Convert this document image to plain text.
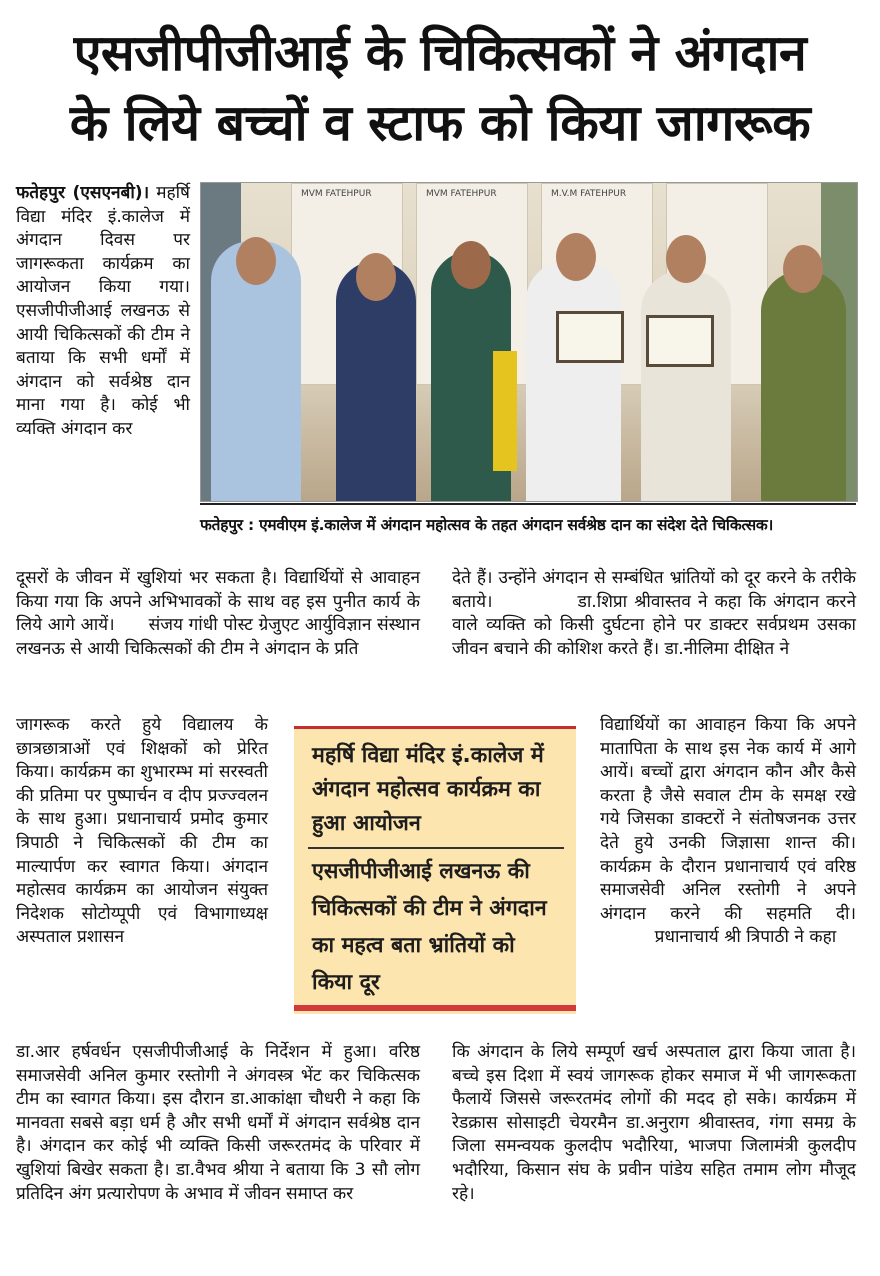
एसजीपीजीआई के चिकित्सकों ने अंगदान
के लिये बच्चों व स्टाफ को किया जागरूक

फतेहपुर (एसएनबी)। महर्षि विद्या मंदिर इं.कालेज में अंगदान दिवस पर जागरूकता कार्यक्रम का आयोजन किया गया। एसजीपीजीआई लखनऊ से आयी चिकित्सकों की टीम ने बताया कि सभी धर्मों में अंगदान को सर्वश्रेष्ठ दान माना गया है। कोई भी व्यक्ति अंगदान कर

MVM FATEHPUR	MVM FATEHPUR	M.V.M FATEHPUR
फतेहपुर : एमवीएम इं.कालेज में अंगदान महोत्सव के तहत अंगदान सर्वश्रेष्ठ दान का संदेश देते चिकित्सक।

दूसरों के जीवन में खुशियां भर सकता है। विद्यार्थियों से आवाहन किया गया कि अपने अभिभावकों के साथ वह इस पुनीत कार्य के लिये आगे आयें।      संजय गांधी पोस्ट ग्रेजुएट आर्युविज्ञान संस्थान लखनऊ से आयी चिकित्सकों की टीम ने अंगदान के प्रति

जागरूक करते हुये विद्यालय के छात्रछात्राओं एवं शिक्षकों को प्रेरित किया। कार्यक्रम का शुभारम्भ मां सरस्वती की प्रतिमा पर पुष्पार्चन व दीप प्रज्ज्वलन के साथ हुआ। प्रधानाचार्य प्रमोद कुमार त्रिपाठी ने चिकित्सकों की टीम का माल्यार्पण कर स्वागत किया। अंगदान महोत्सव कार्यक्रम का आयोजन संयुक्त निदेशक सोटोय्पूपी एवं विभागाध्यक्ष अस्पताल प्रशासन

महर्षि विद्या मंदिर इं.कालेज में अंगदान महोत्सव कार्यक्रम का हुआ आयोजन
एसजीपीजीआई लखनऊ की चिकित्सकों की टीम ने अंगदान का महत्व बता भ्रांतियों को किया दूर

डा.आर हर्षवर्धन एसजीपीजीआई के निर्देशन में हुआ। वरिष्ठ समाजसेवी अनिल कुमार रस्तोगी ने अंगवस्त्र भेंट कर चिकित्सक टीम का स्वागत किया। इस दौरान डा.आकांक्षा चौधरी ने कहा कि मानवता सबसे बड़ा धर्म है और सभी धर्मों में अंगदान सर्वश्रेष्ठ दान है। अंगदान कर कोई भी व्यक्ति किसी जरूरतमंद के परिवार में खुशियां बिखेर सकता है। डा.वैभव श्रीया ने बताया कि 3 सौ लोग प्रतिदिन अंग प्रत्यारोपण के अभाव में जीवन समाप्त कर

देते हैं। उन्होंने अंगदान से सम्बंधित भ्रांतियों को दूर करने के तरीके बताये।            डा.शिप्रा श्रीवास्तव ने कहा कि अंगदान करने वाले व्यक्ति को किसी दुर्घटना होने पर डाक्टर सर्वप्रथम उसका जीवन बचाने की कोशिश करते हैं। डा.नीलिमा दीक्षित ने

विद्यार्थियों का आवाहन किया कि अपने मातापिता के साथ इस नेक कार्य में आगे आयें। बच्चों द्वारा अंगदान कौन और कैसे करता है जैसे सवाल टीम के समक्ष रखे गये जिसका डाक्टरों ने संतोषजनक उत्तर देते हुये उनकी जिज्ञासा शान्त की। कार्यक्रम के दौरान प्रधानाचार्य एवं वरिष्ठ समाजसेवी अनिल रस्तोगी ने अपने अंगदान करने की सहमति दी।          प्रधानाचार्य श्री त्रिपाठी ने कहा

कि अंगदान के लिये सम्पूर्ण खर्च अस्पताल द्वारा किया जाता है। बच्चे इस दिशा में स्वयं जागरूक होकर समाज में भी जागरूकता फैलायें जिससे जरूरतमंद लोगों की मदद हो सके। कार्यक्रम में रेडक्रास सोसाइटी चेयरमैन डा.अनुराग श्रीवास्तव, गंगा समग्र के जिला समन्वयक कुलदीप भदौरिया, भाजपा जिलामंत्री कुलदीप भदौरिया, किसान संघ के प्रवीन पांडेय सहित तमाम लोग मौजूद रहे।
